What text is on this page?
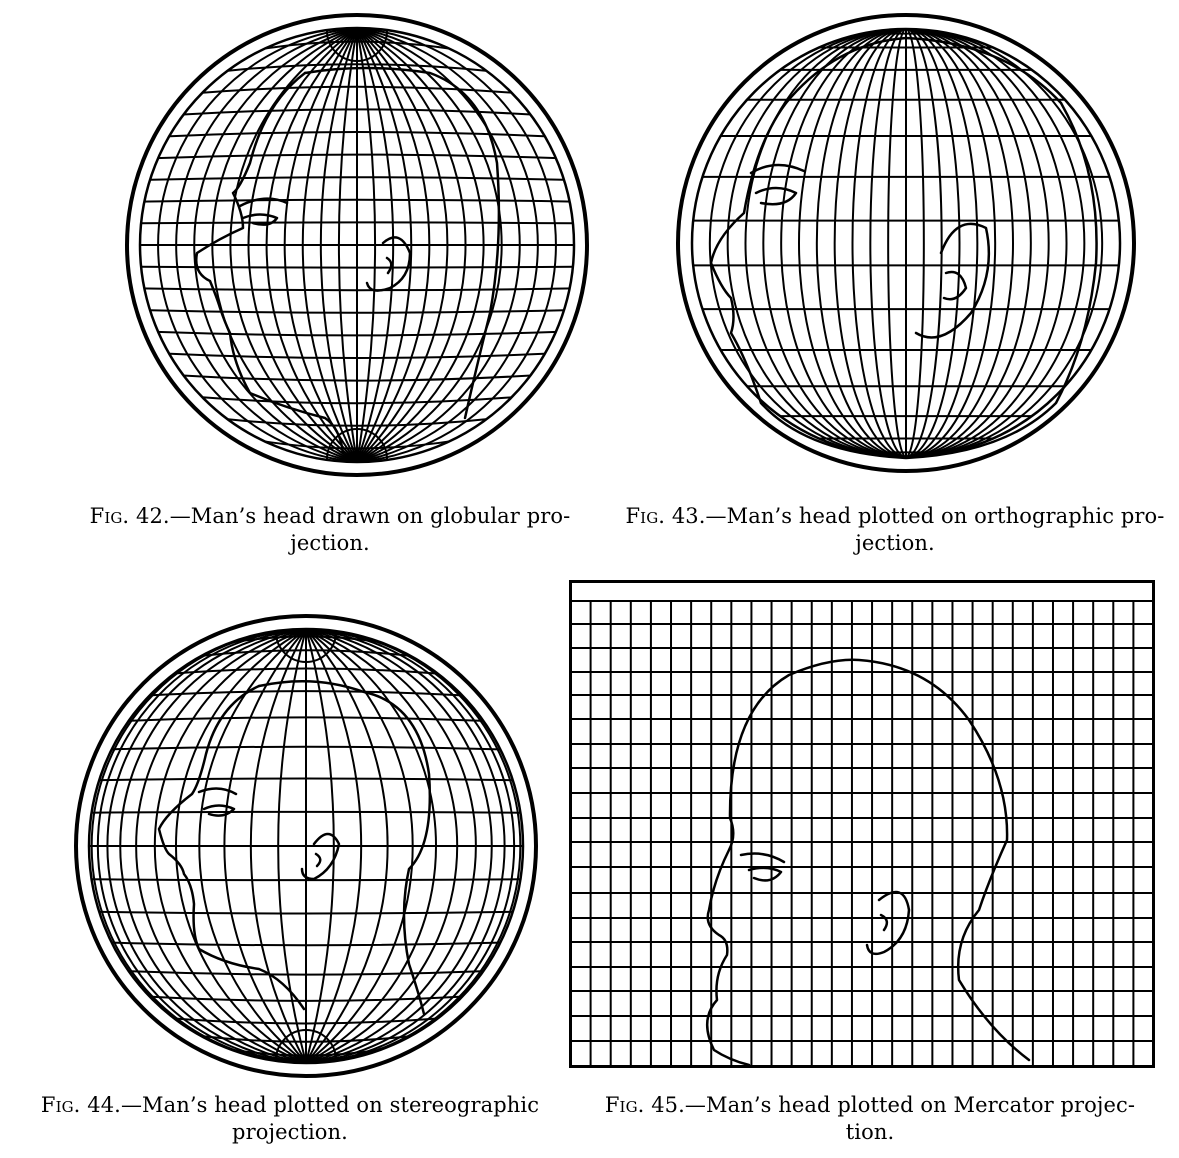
Fig. 42.—Man’s head drawn on globular pro-
jection.
Fig. 43.—Man’s head plotted on orthographic pro-
jection.
Fig. 44.—Man’s head plotted on stereographic
projection.
Fig. 45.—Man’s head plotted on Mercator projec-
tion.
